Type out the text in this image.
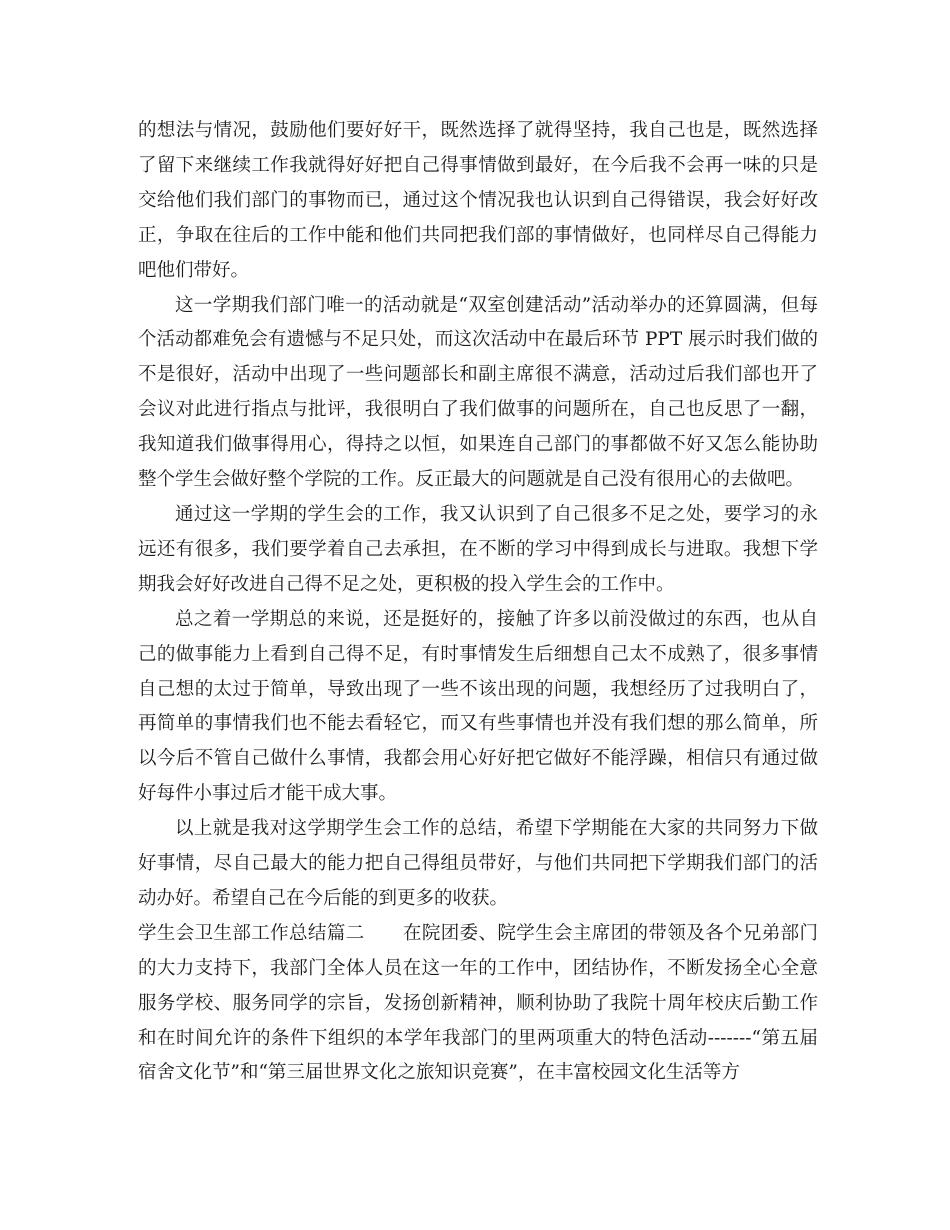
的想法与情况，鼓励他们要好好干，既然选择了就得坚持，我自己也是，既然选择了留下来继续工作我就得好好把自己得事情做到最好，在今后我不会再一味的只是交给他们我们部门的事物而已，通过这个情况我也认识到自己得错误，我会好好改正，争取在往后的工作中能和他们共同把我们部的事情做好，也同样尽自己得能力吧他们带好。

这一学期我们部门唯一的活动就是“双室创建活动”活动举办的还算圆满，但每个活动都难免会有遗憾与不足只处，而这次活动中在最后环节 PPT 展示时我们做的不是很好，活动中出现了一些问题部长和副主席很不满意，活动过后我们部也开了会议对此进行指点与批评，我很明白了我们做事的问题所在，自己也反思了一翻，我知道我们做事得用心，得持之以恒，如果连自己部门的事都做不好又怎么能协助整个学生会做好整个学院的工作。反正最大的问题就是自己没有很用心的去做吧。

通过这一学期的学生会的工作，我又认识到了自己很多不足之处，要学习的永远还有很多，我们要学着自己去承担，在不断的学习中得到成长与进取。我想下学期我会好好改进自己得不足之处，更积极的投入学生会的工作中。

总之着一学期总的来说，还是挺好的，接触了许多以前没做过的东西，也从自己的做事能力上看到自己得不足，有时事情发生后细想自己太不成熟了，很多事情自己想的太过于简单，导致出现了一些不该出现的问题，我想经历了过我明白了，再简单的事情我们也不能去看轻它，而又有些事情也并没有我们想的那么简单，所以今后不管自己做什么事情，我都会用心好好把它做好不能浮躁，相信只有通过做好每件小事过后才能干成大事。

以上就是我对这学期学生会工作的总结，希望下学期能在大家的共同努力下做好事情，尽自己最大的能力把自己得组员带好，与他们共同把下学期我们部门的活动办好。希望自己在今后能的到更多的收获。

学生会卫生部工作总结篇二 在院团委、院学生会主席团的带领及各个兄弟部门的大力支持下，我部门全体人员在这一年的工作中，团结协作，不断发扬全心全意服务学校、服务同学的宗旨，发扬创新精神，顺利协助了我院十周年校庆后勤工作和在时间允许的条件下组织的本学年我部门的里两项重大的特色活动-------“第五届宿舍文化节”和“第三届世界文化之旅知识竞赛”，在丰富校园文化生活等方
